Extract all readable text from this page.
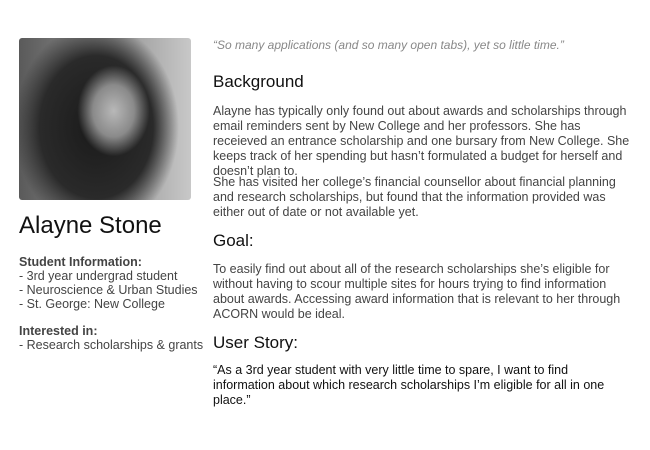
Alayne Stone
Student Information:
- 3rd year undergrad student
- Neuroscience & Urban Studies
- St. George: New College
Interested in:
- Research scholarships & grants
“So many applications (and so many open tabs), yet so little time.”
Background
Alayne has typically only found out about awards and scholarships through email reminders sent by New College and her professors. She has receieved an entrance scholarship and one bursary from New College. She keeps track of her spending but hasn’t formulated a budget for herself and doesn’t plan to.
She has visited her college’s financial counsellor about financial planning and research scholarships, but found that the information provided was either out of date or not available yet.
Goal:
To easily find out about all of the research scholarships she’s eligible for without having to scour multiple sites for hours trying to find information about awards. Accessing award information that is relevant to her through ACORN would be ideal.
User Story:
“As a 3rd year student with very little time to spare, I want to find information about which research scholarships I’m eligible for all in one place.”
